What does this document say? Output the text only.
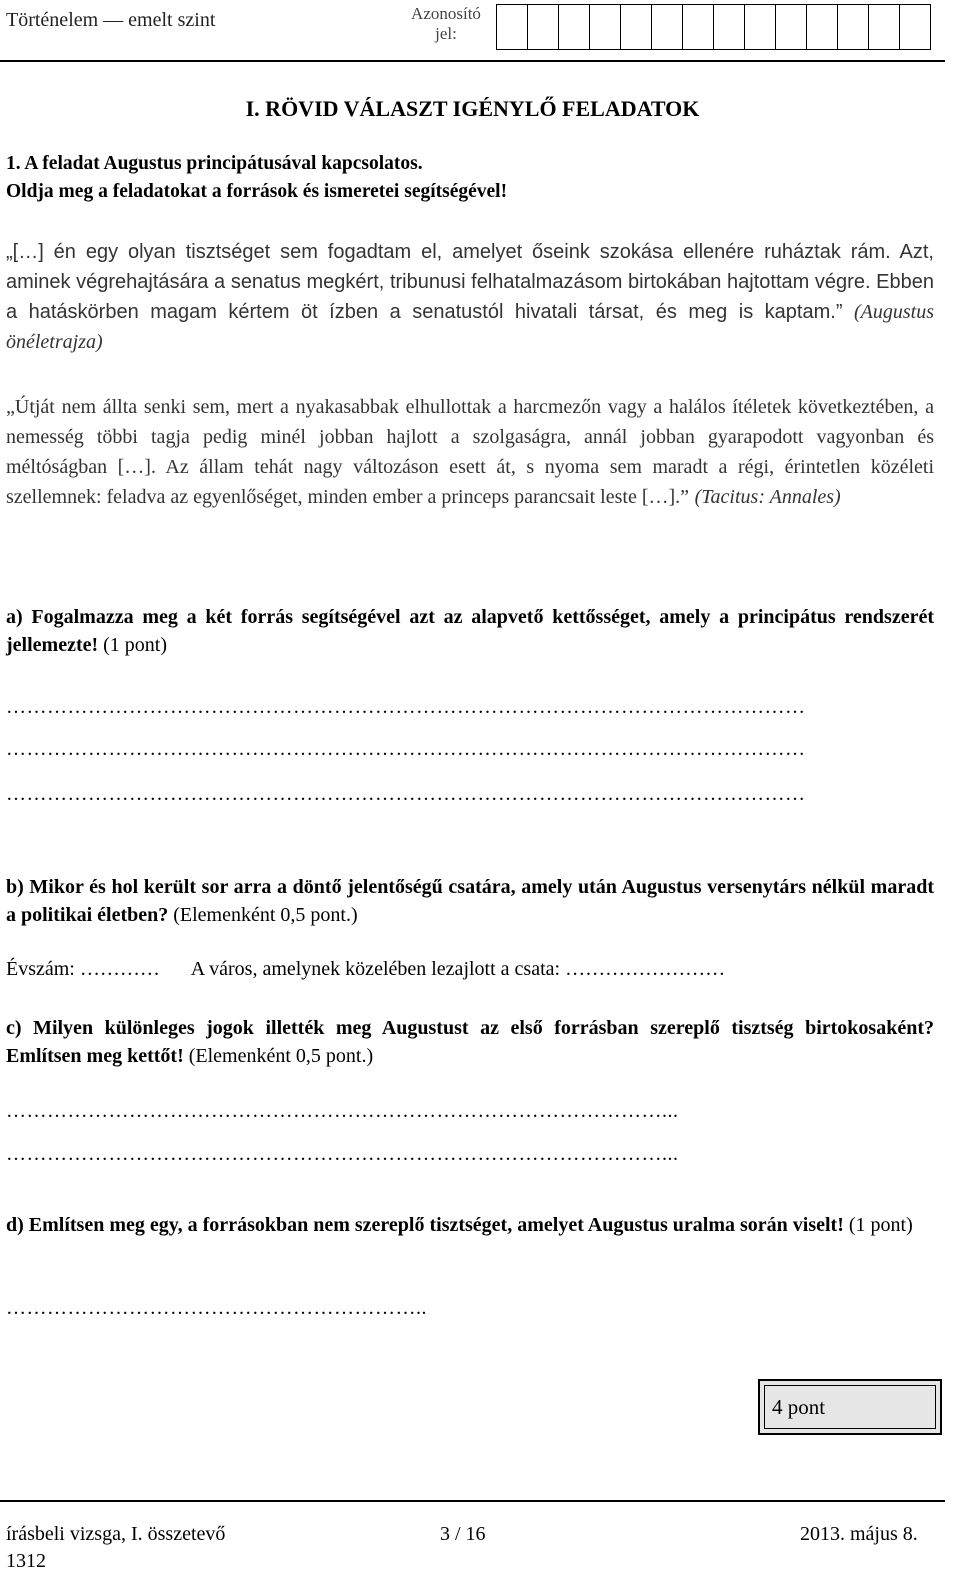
Történelem — emelt szint	Azonosító jel:
I. RÖVID VÁLASZT IGÉNYLŐ FELADATOK
1. A feladat Augustus principátusával kapcsolatos.
Oldja meg a feladatokat a források és ismeretei segítségével!
„[…] én egy olyan tisztséget sem fogadtam el, amelyet őseink szokása ellenére ruháztak rám. Azt, aminek végrehajtására a senatus megkért, tribunusi felhatalmazásom birtokában hajtottam végre. Ebben a hatáskörben magam kértem öt ízben a senatustól hivatali társat, és meg is kaptam.” (Augustus önéletrajza)
„Útját nem állta senki sem, mert a nyakasabbak elhullottak a harcmezőn vagy a halálos ítéletek következtében, a nemesség többi tagja pedig minél jobban hajlott a szolgaságra, annál jobban gyarapodott vagyonban és méltóságban […]. Az állam tehát nagy változáson esett át, s nyoma sem maradt a régi, érintetlen közéleti szellemnek: feladva az egyenlőséget, minden ember a princeps parancsait leste […].” (Tacitus: Annales)
a) Fogalmazza meg a két forrás segítségével azt az alapvető kettősséget, amely a principátus rendszerét jellemezte! (1 pont)
………………………………………………………………………………………………………
………………………………………………………………………………………………………
………………………………………………………………………………………………………
b) Mikor és hol került sor arra a döntő jelentőségű csatára, amely után Augustus versenytárs nélkül maradt a politikai életben? (Elemenként 0,5 pont.)
Évszám: ………… A város, amelynek közelében lezajlott a csata: ……………………
c) Milyen különleges jogok illették meg Augustust az első forrásban szereplő tisztség birtokosaként? Említsen meg kettőt! (Elemenként 0,5 pont.)
……………………………………………………………………………………...
……………………………………………………………………………………...
d) Említsen meg egy, a forrásokban nem szereplő tisztséget, amelyet Augustus uralma során viselt! (1 pont)
……………………………………………………..
4 pont
írásbeli vizsga, I. összetevő	3 / 16	2013. május 8.
1312
